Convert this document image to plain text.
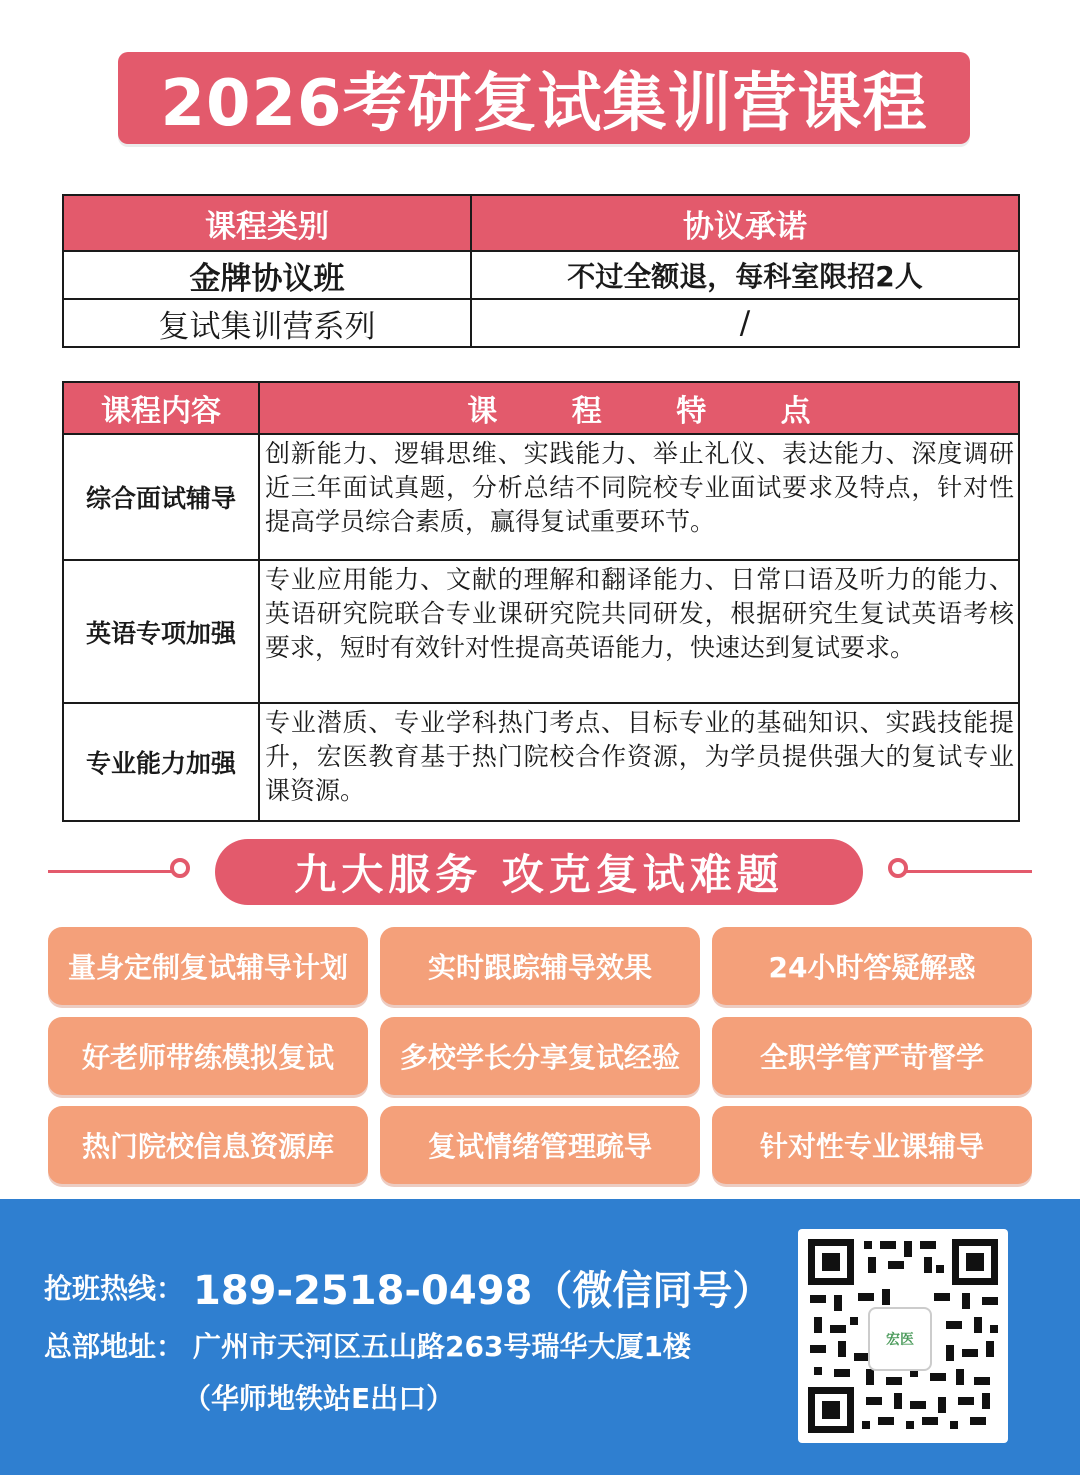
2026考研复试集训营课程
课程类别	协议承诺
金牌协议班	不过全额退，每科室限招2人
复试集训营系列	/
课程内容	课 程 特 点
综合面试辅导	创新能力、逻辑思维、实践能力、举止礼仪、表达能力、深度调研近三年面试真题，分析总结不同院校专业面试要求及特点，针对性提高学员综合素质，赢得复试重要环节。
英语专项加强	专业应用能力、文献的理解和翻译能力、日常口语及听力的能力、英语研究院联合专业课研究院共同研发，根据研究生复试英语考核要求，短时有效针对性提高英语能力，快速达到复试要求。
专业能力加强	专业潜质、专业学科热门考点、目标专业的基础知识、实践技能提升，宏医教育基于热门院校合作资源，为学员提供强大的复试专业课资源。
九大服务 攻克复试难题
量身定制复试辅导计划	实时跟踪辅导效果	24小时答疑解惑
好老师带练模拟复试	多校学长分享复试经验	全职学管严苛督学
热门院校信息资源库	复试情绪管理疏导	针对性专业课辅导
抢班热线： 189-2518-0498（微信同号）
总部地址： 广州市天河区五山路263号瑞华大厦1楼
（华师地铁站E出口）
宏医
